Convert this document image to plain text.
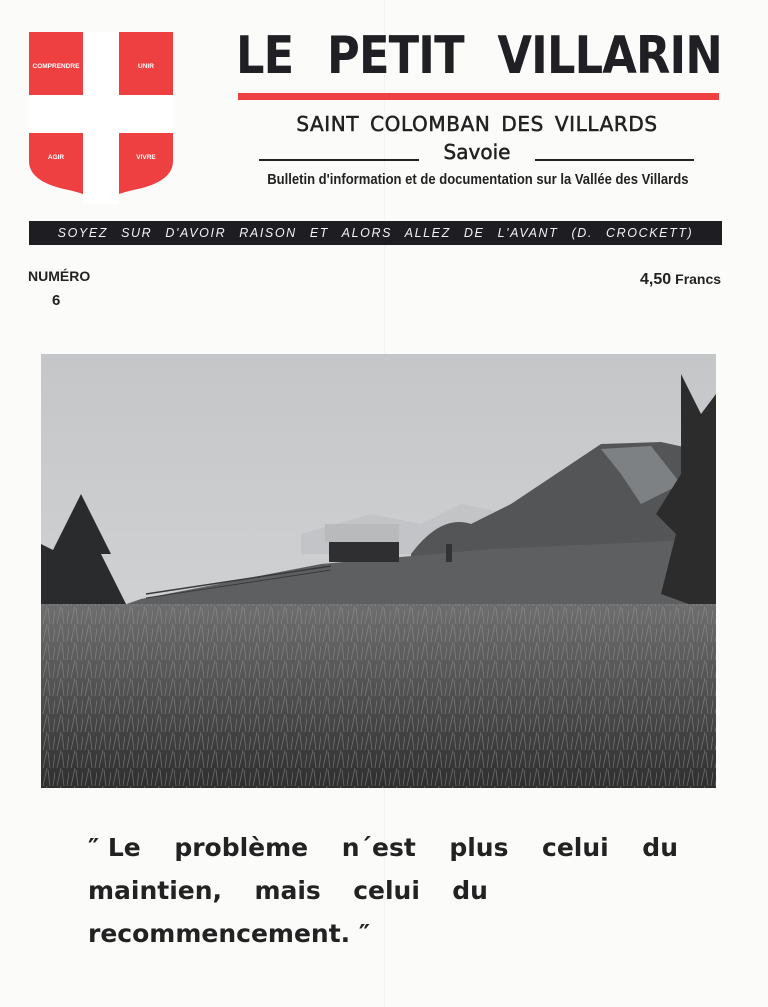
COMPRENDRE	UNIR
AGIR	VIVRE
LE PETIT VILLARIN
SAINT COLOMBAN DES VILLARDS
Savoie
Bulletin d'information et de documentation sur la Vallée des Villards
SOYEZ SUR D'AVOIR RAISON ET ALORS ALLEZ DE L'AVANT (D. CROCKETT)
NUMÉRO
6
4,50 Francs
″ Le problème n´est plus celui du
maintien, mais celui du
recommencement. ″
